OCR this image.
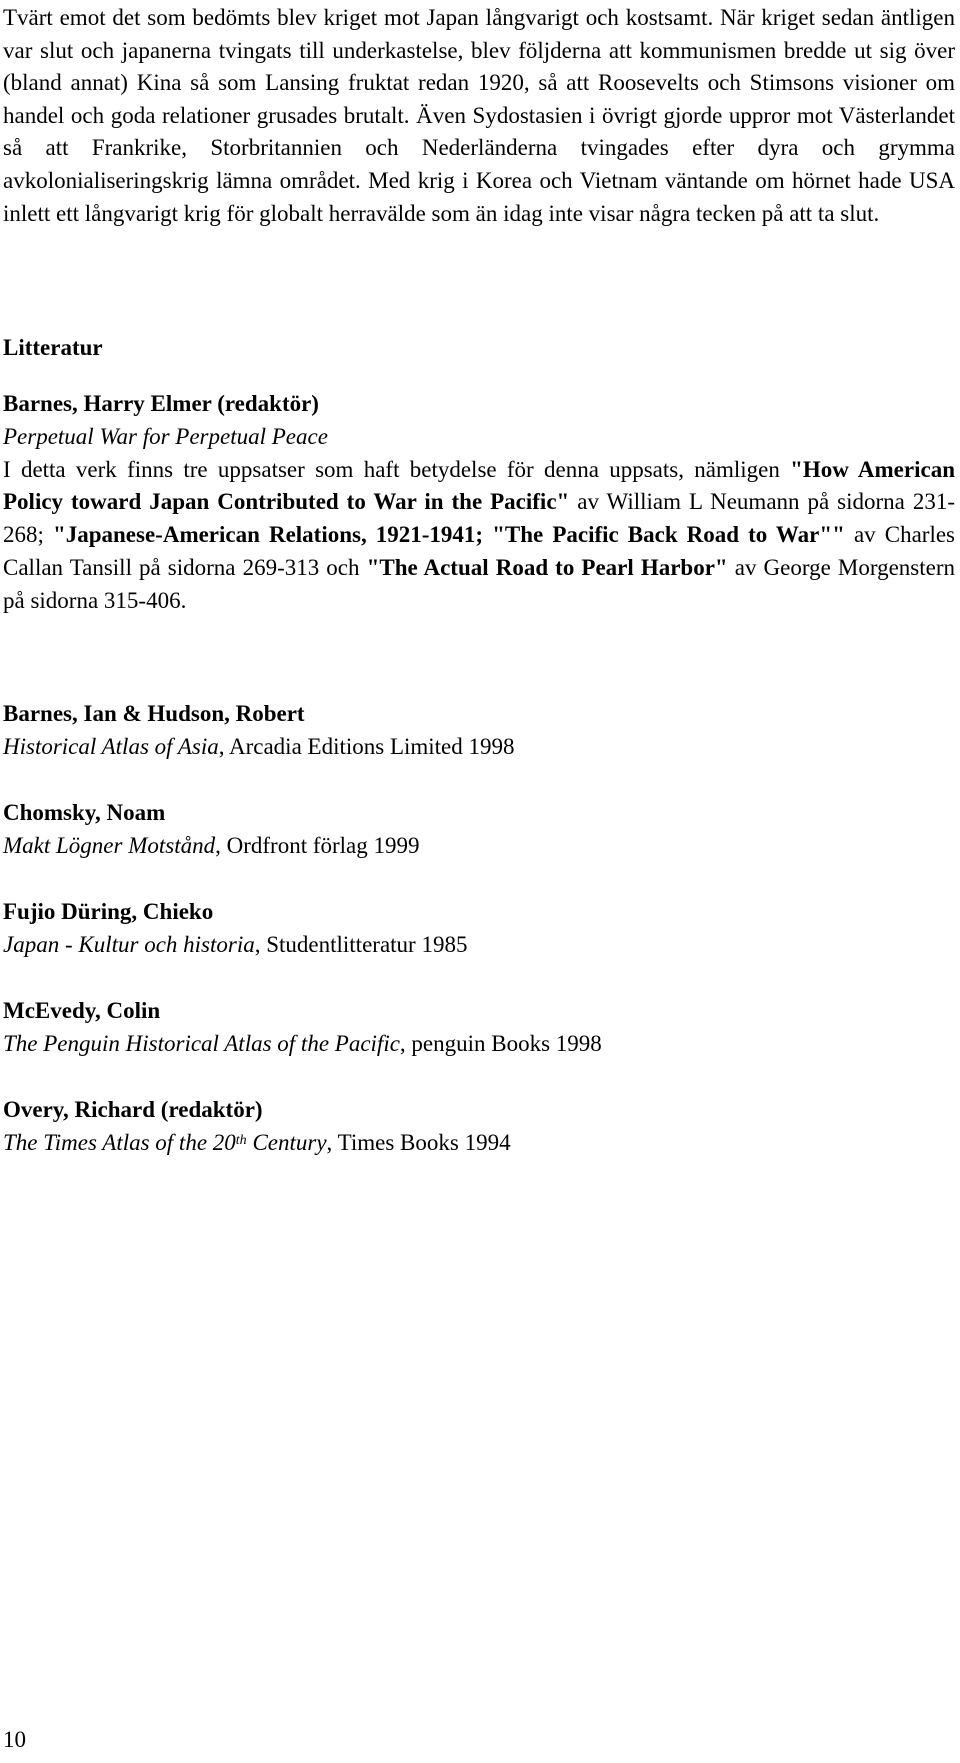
Tvärt emot det som bedömts blev kriget mot Japan långvarigt och kostsamt. När kriget sedan äntligen var slut och japanerna tvingats till underkastelse, blev följderna att kommunismen bredde ut sig över (bland annat) Kina så som Lansing fruktat redan 1920, så att Roosevelts och Stimsons visioner om handel och goda relationer grusades brutalt. Även Sydostasien i övrigt gjorde uppror mot Västerlandet så att Frankrike, Storbritannien och Nederländerna tvingades efter dyra och grymma avkolonialiseringskrig lämna området. Med krig i Korea och Vietnam väntande om hörnet hade USA inlett ett långvarigt krig för globalt herravälde som än idag inte visar några tecken på att ta slut.

Litteratur
Barnes, Harry Elmer (redaktör)
Perpetual War for Perpetual Peace
I detta verk finns tre uppsatser som haft betydelse för denna uppsats, nämligen "How American Policy toward Japan Contributed to War in the Pacific" av William L Neumann på sidorna 231-268; "Japanese-American Relations, 1921-1941; "The Pacific Back Road to War"" av Charles Callan Tansill på sidorna 269-313 och "The Actual Road to Pearl Harbor" av George Morgenstern på sidorna 315-406.
Barnes, Ian & Hudson, Robert
Historical Atlas of Asia, Arcadia Editions Limited 1998
Chomsky, Noam
Makt Lögner Motstånd, Ordfront förlag 1999
Fujio Düring, Chieko
Japan - Kultur och historia, Studentlitteratur 1985
McEvedy, Colin
The Penguin Historical Atlas of the Pacific, penguin Books 1998
Overy, Richard (redaktör)
The Times Atlas of the 20th Century, Times Books 1994

10
